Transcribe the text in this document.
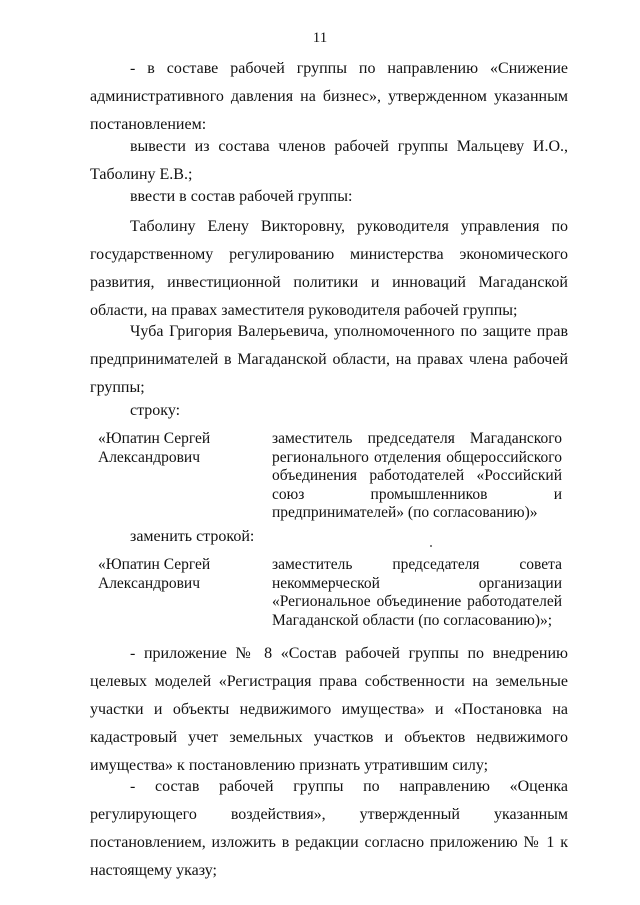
11

- в составе рабочей группы по направлению «Снижение административного давления на бизнес», утвержденном указанным постановлением:

вывести из состава членов рабочей группы Мальцеву И.О., Таболину Е.В.;

ввести в состав рабочей группы:

Таболину Елену Викторовну, руководителя управления по государственному регулированию министерства экономического развития, инвестиционной политики и инноваций Магаданской области, на правах заместителя руководителя рабочей группы;

Чуба Григория Валерьевича, уполномоченного по защите прав предпринимателей в Магаданской области, на правах члена рабочей группы;

строку:

«Юпатин Сергей Александрович
заместитель председателя Магаданского регионального отделения общероссийского объединения работодателей «Российский союз промышленников и предпринимателей» (по согласованию)»

заменить строкой:

«Юпатин Сергей Александрович
заместитель председателя совета некоммерческой организации «Региональное объединение работодателей Магаданской области (по согласованию)»;

- приложение № 8 «Состав рабочей группы по внедрению целевых моделей «Регистрация права собственности на земельные участки и объекты недвижимого имущества» и «Постановка на кадастровый учет земельных участков и объектов недвижимого имущества» к постановлению признать утратившим силу;

- состав рабочей группы по направлению «Оценка регулирующего воздействия», утвержденный указанным постановлением, изложить в редакции согласно приложению № 1 к настоящему указу;
